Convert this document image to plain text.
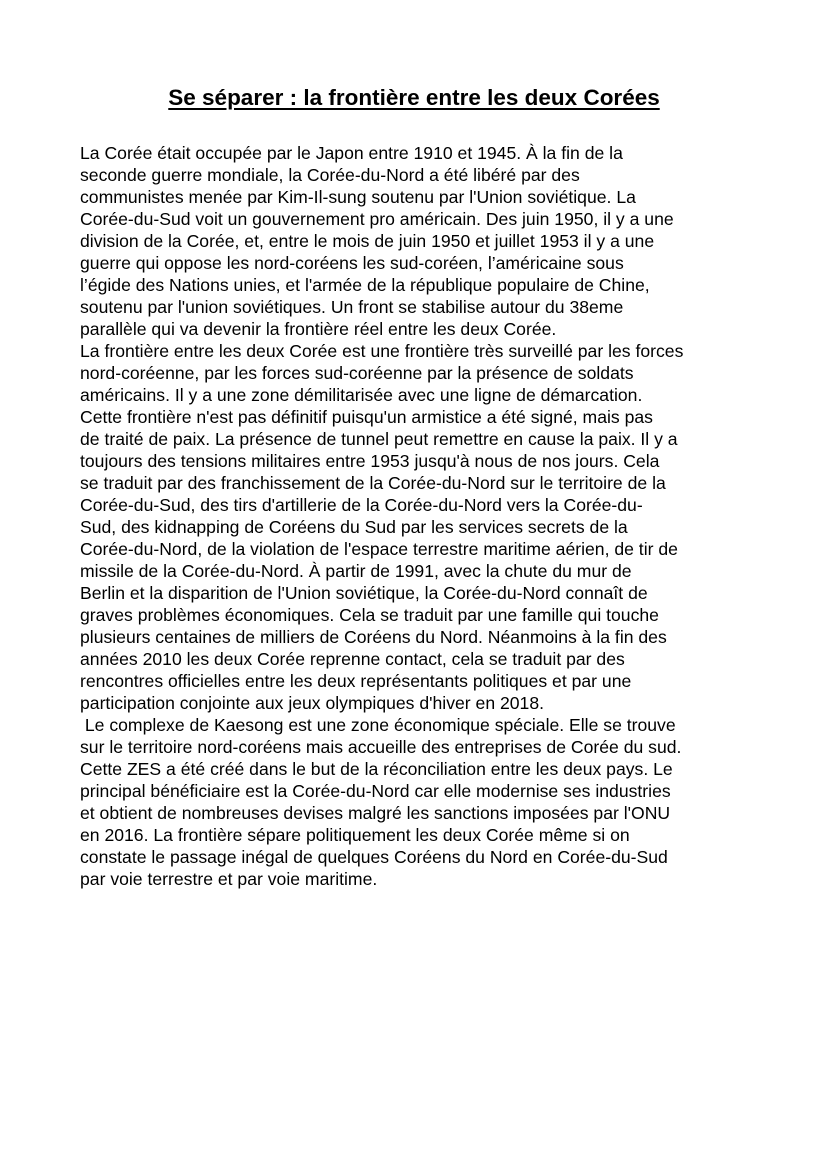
Se séparer : la frontière entre les deux Corées
La Corée était occupée par le Japon entre 1910 et 1945. À la fin de la
seconde guerre mondiale, la Corée-du-Nord a été libéré par des
communistes menée par Kim-Il-sung soutenu par l'Union soviétique. La
Corée-du-Sud voit un gouvernement pro américain. Des juin 1950, il y a une
division de la Corée, et, entre le mois de juin 1950 et juillet 1953 il y a une
guerre qui oppose les nord-coréens les sud-coréen, l’américaine sous
l’égide des Nations unies, et l'armée de la république populaire de Chine,
soutenu par l'union soviétiques. Un front se stabilise autour du 38eme
parallèle qui va devenir la frontière réel entre les deux Corée.
La frontière entre les deux Corée est une frontière très surveillé par les forces
nord-coréenne, par les forces sud-coréenne par la présence de soldats
américains. Il y a une zone démilitarisée avec une ligne de démarcation.
Cette frontière n'est pas définitif puisqu'un armistice a été signé, mais pas
de traité de paix. La présence de tunnel peut remettre en cause la paix. Il y a
toujours des tensions militaires entre 1953 jusqu'à nous de nos jours. Cela
se traduit par des franchissement de la Corée-du-Nord sur le territoire de la
Corée-du-Sud, des tirs d'artillerie de la Corée-du-Nord vers la Corée-du-
Sud, des kidnapping de Coréens du Sud par les services secrets de la
Corée-du-Nord, de la violation de l'espace terrestre maritime aérien, de tir de
missile de la Corée-du-Nord. À partir de 1991, avec la chute du mur de
Berlin et la disparition de l'Union soviétique, la Corée-du-Nord connaît de
graves problèmes économiques. Cela se traduit par une famille qui touche
plusieurs centaines de milliers de Coréens du Nord. Néanmoins à la fin des
années 2010 les deux Corée reprenne contact, cela se traduit par des
rencontres officielles entre les deux représentants politiques et par une
participation conjointe aux jeux olympiques d'hiver en 2018.
Le complexe de Kaesong est une zone économique spéciale. Elle se trouve
sur le territoire nord-coréens mais accueille des entreprises de Corée du sud.
Cette ZES a été créé dans le but de la réconciliation entre les deux pays. Le
principal bénéficiaire est la Corée-du-Nord car elle modernise ses industries
et obtient de nombreuses devises malgré les sanctions imposées par l'ONU
en 2016. La frontière sépare politiquement les deux Corée même si on
constate le passage inégal de quelques Coréens du Nord en Corée-du-Sud
par voie terrestre et par voie maritime.
